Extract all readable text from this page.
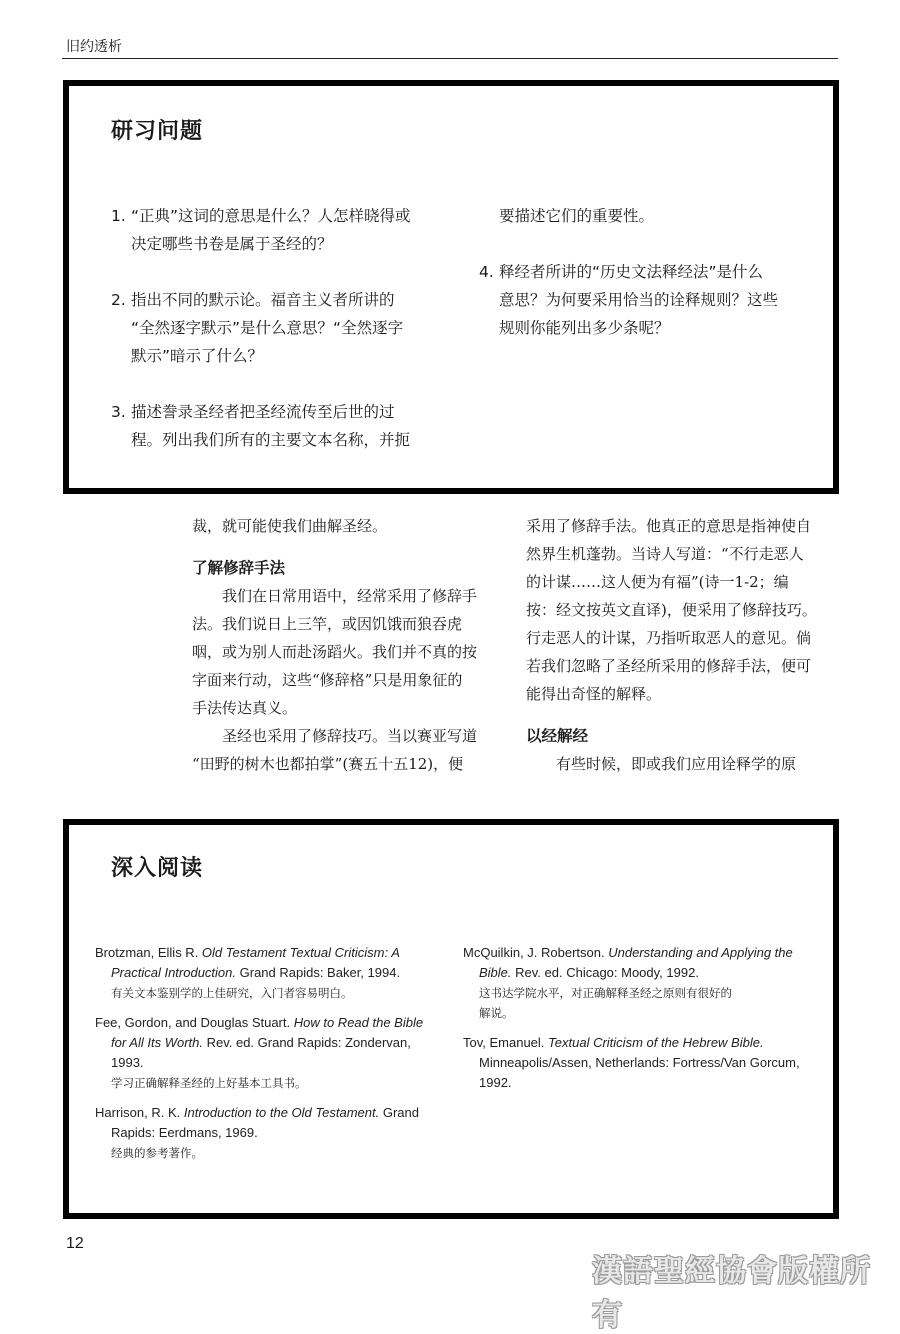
旧约透析
研习问题
1. “正典”这词的意思是什么？人怎样晓得或
决定哪些书卷是属于圣经的？
2. 指出不同的默示论。福音主义者所讲的
“全然逐字默示”是什么意思？“全然逐字
默示”暗示了什么？
3. 描述誊录圣经者把圣经流传至后世的过
程。列出我们所有的主要文本名称，并扼
要描述它们的重要性。
4. 释经者所讲的“历史文法释经法”是什么
意思？为何要采用恰当的诠释规则？这些
规则你能列出多少条呢？

裁，就可能使我们曲解圣经。

了解修辞手法

我们在日常用语中，经常采用了修辞手

法。我们说日上三竿，或因饥饿而狼吞虎

咽，或为别人而赴汤蹈火。我们并不真的按

字面来行动，这些“修辞格”只是用象征的

手法传达真义。

圣经也采用了修辞技巧。当以赛亚写道

“田野的树木也都拍掌”(赛五十五12)，便

采用了修辞手法。他真正的意思是指神使自

然界生机蓬勃。当诗人写道：“不行走恶人

的计谋……这人便为有福”(诗一1-2；编

按：经文按英文直译)，便采用了修辞技巧。

行走恶人的计谋，乃指听取恶人的意见。倘

若我们忽略了圣经所采用的修辞手法，便可

能得出奇怪的解释。

以经解经

有些时候，即或我们应用诠释学的原

深入阅读
Brotzman, Ellis R. Old Testament Textual Criticism: A
Practical Introduction. Grand Rapids: Baker, 1994.
有关文本鉴别学的上佳研究，入门者容易明白。
Fee, Gordon, and Douglas Stuart. How to Read the Bible
for All Its Worth. Rev. ed. Grand Rapids: Zondervan,
1993.
学习正确解释圣经的上好基本工具书。
Harrison, R. K. Introduction to the Old Testament. Grand
Rapids: Eerdmans, 1969.
经典的参考著作。
McQuilkin, J. Robertson. Understanding and Applying the
Bible. Rev. ed. Chicago: Moody, 1992.
这书达学院水平，对正确解释圣经之原则有很好的
解说。
Tov, Emanuel. Textual Criticism of the Hebrew Bible.
Minneapolis/Assen, Netherlands: Fortress/Van Gorcum,
1992.
12
漢語聖經協會版權所有
